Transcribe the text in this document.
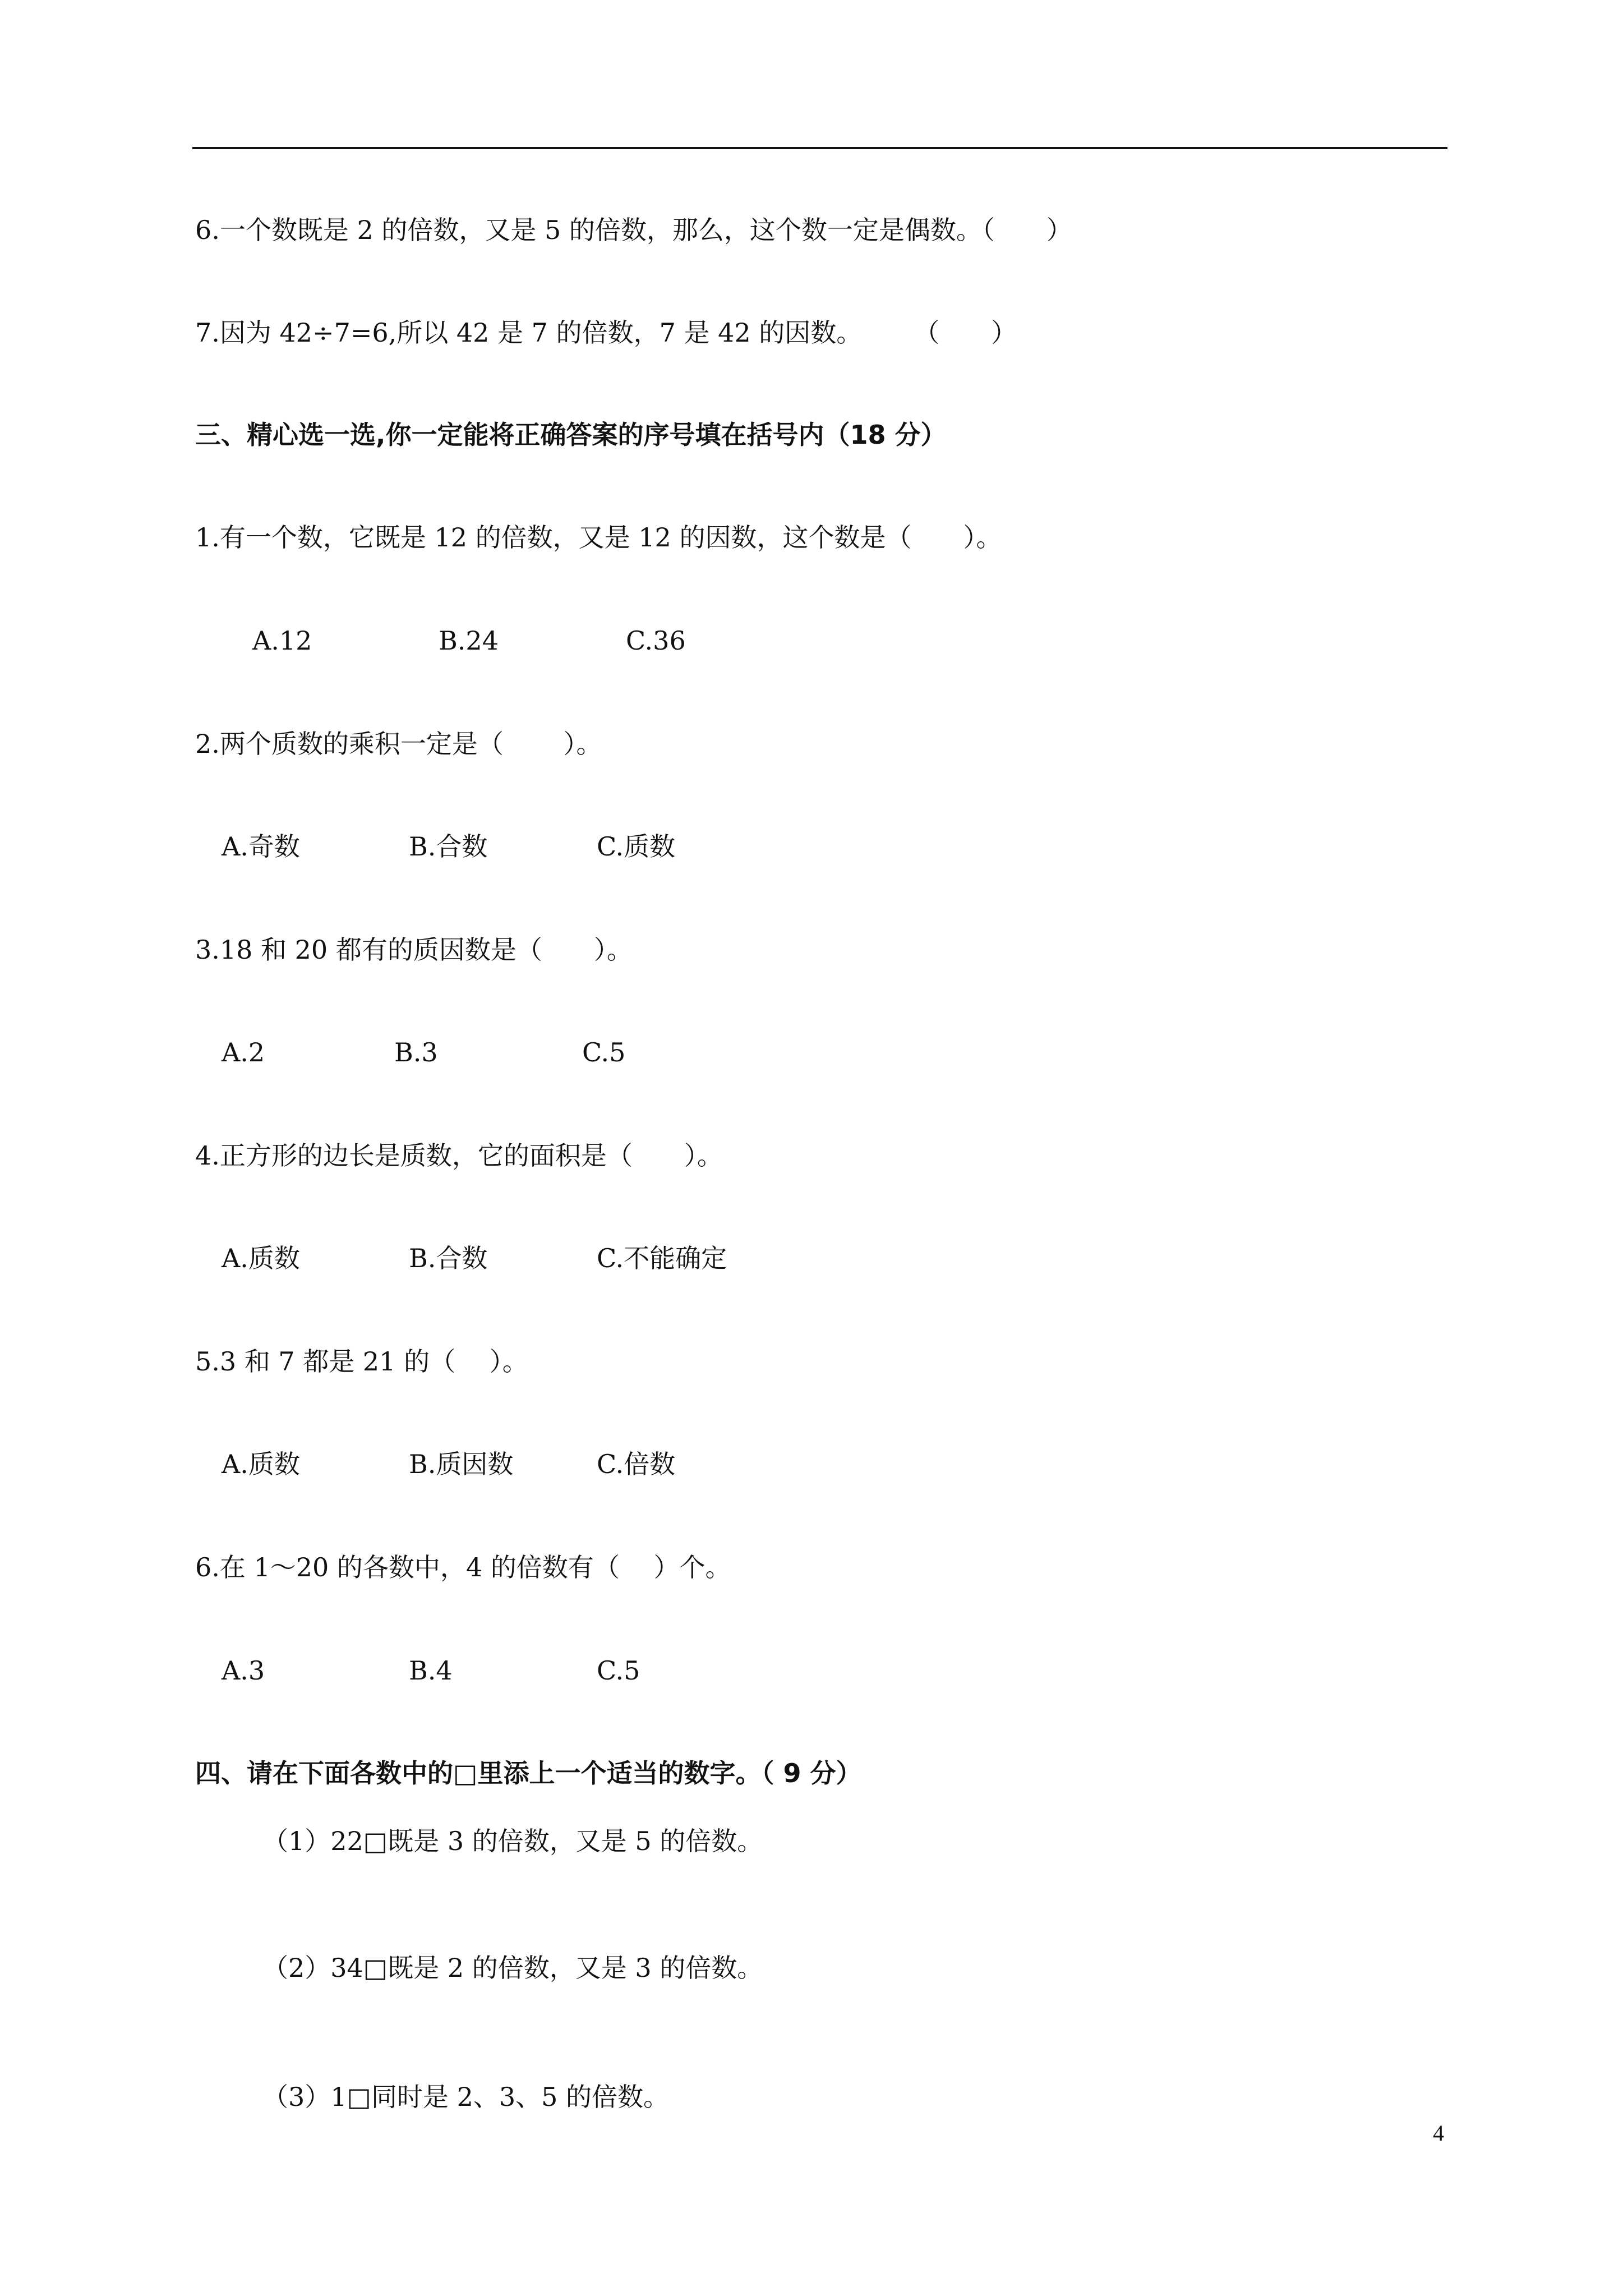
6.一个数既是 2 的倍数，又是 5 的倍数，那么，这个数一定是偶数。（　　）
7.因为 42÷7=6,所以 42 是 7 的倍数，7 是 42 的因数。　　　（　　）
三、精心选一选,你一定能将正确答案的序号填在括号内（18 分）
1.有一个数，它既是 12 的倍数，又是 12 的因数，这个数是（　　）。
A.12	B.24	C.36
2.两个质数的乘积一定是（　　 ）。
A.奇数	B.合数	C.质数
3.18 和 20 都有的质因数是（　　）。
A.2	B.3	C.5
4.正方形的边长是质数，它的面积是（　　）。
A.质数	B.合数	C.不能确定
5.3 和 7 都是 21 的（　 ）。
A.质数	B.质因数	C.倍数
6.在 1～20 的各数中，4 的倍数有（　 ）个。
A.3	B.4	C.5
四、请在下面各数中的□里添上一个适当的数字。（ 9 分）
（1）22□既是 3 的倍数，又是 5 的倍数。
（2）34□既是 2 的倍数，又是 3 的倍数。
（3）1□同时是 2、3、5 的倍数。
4
